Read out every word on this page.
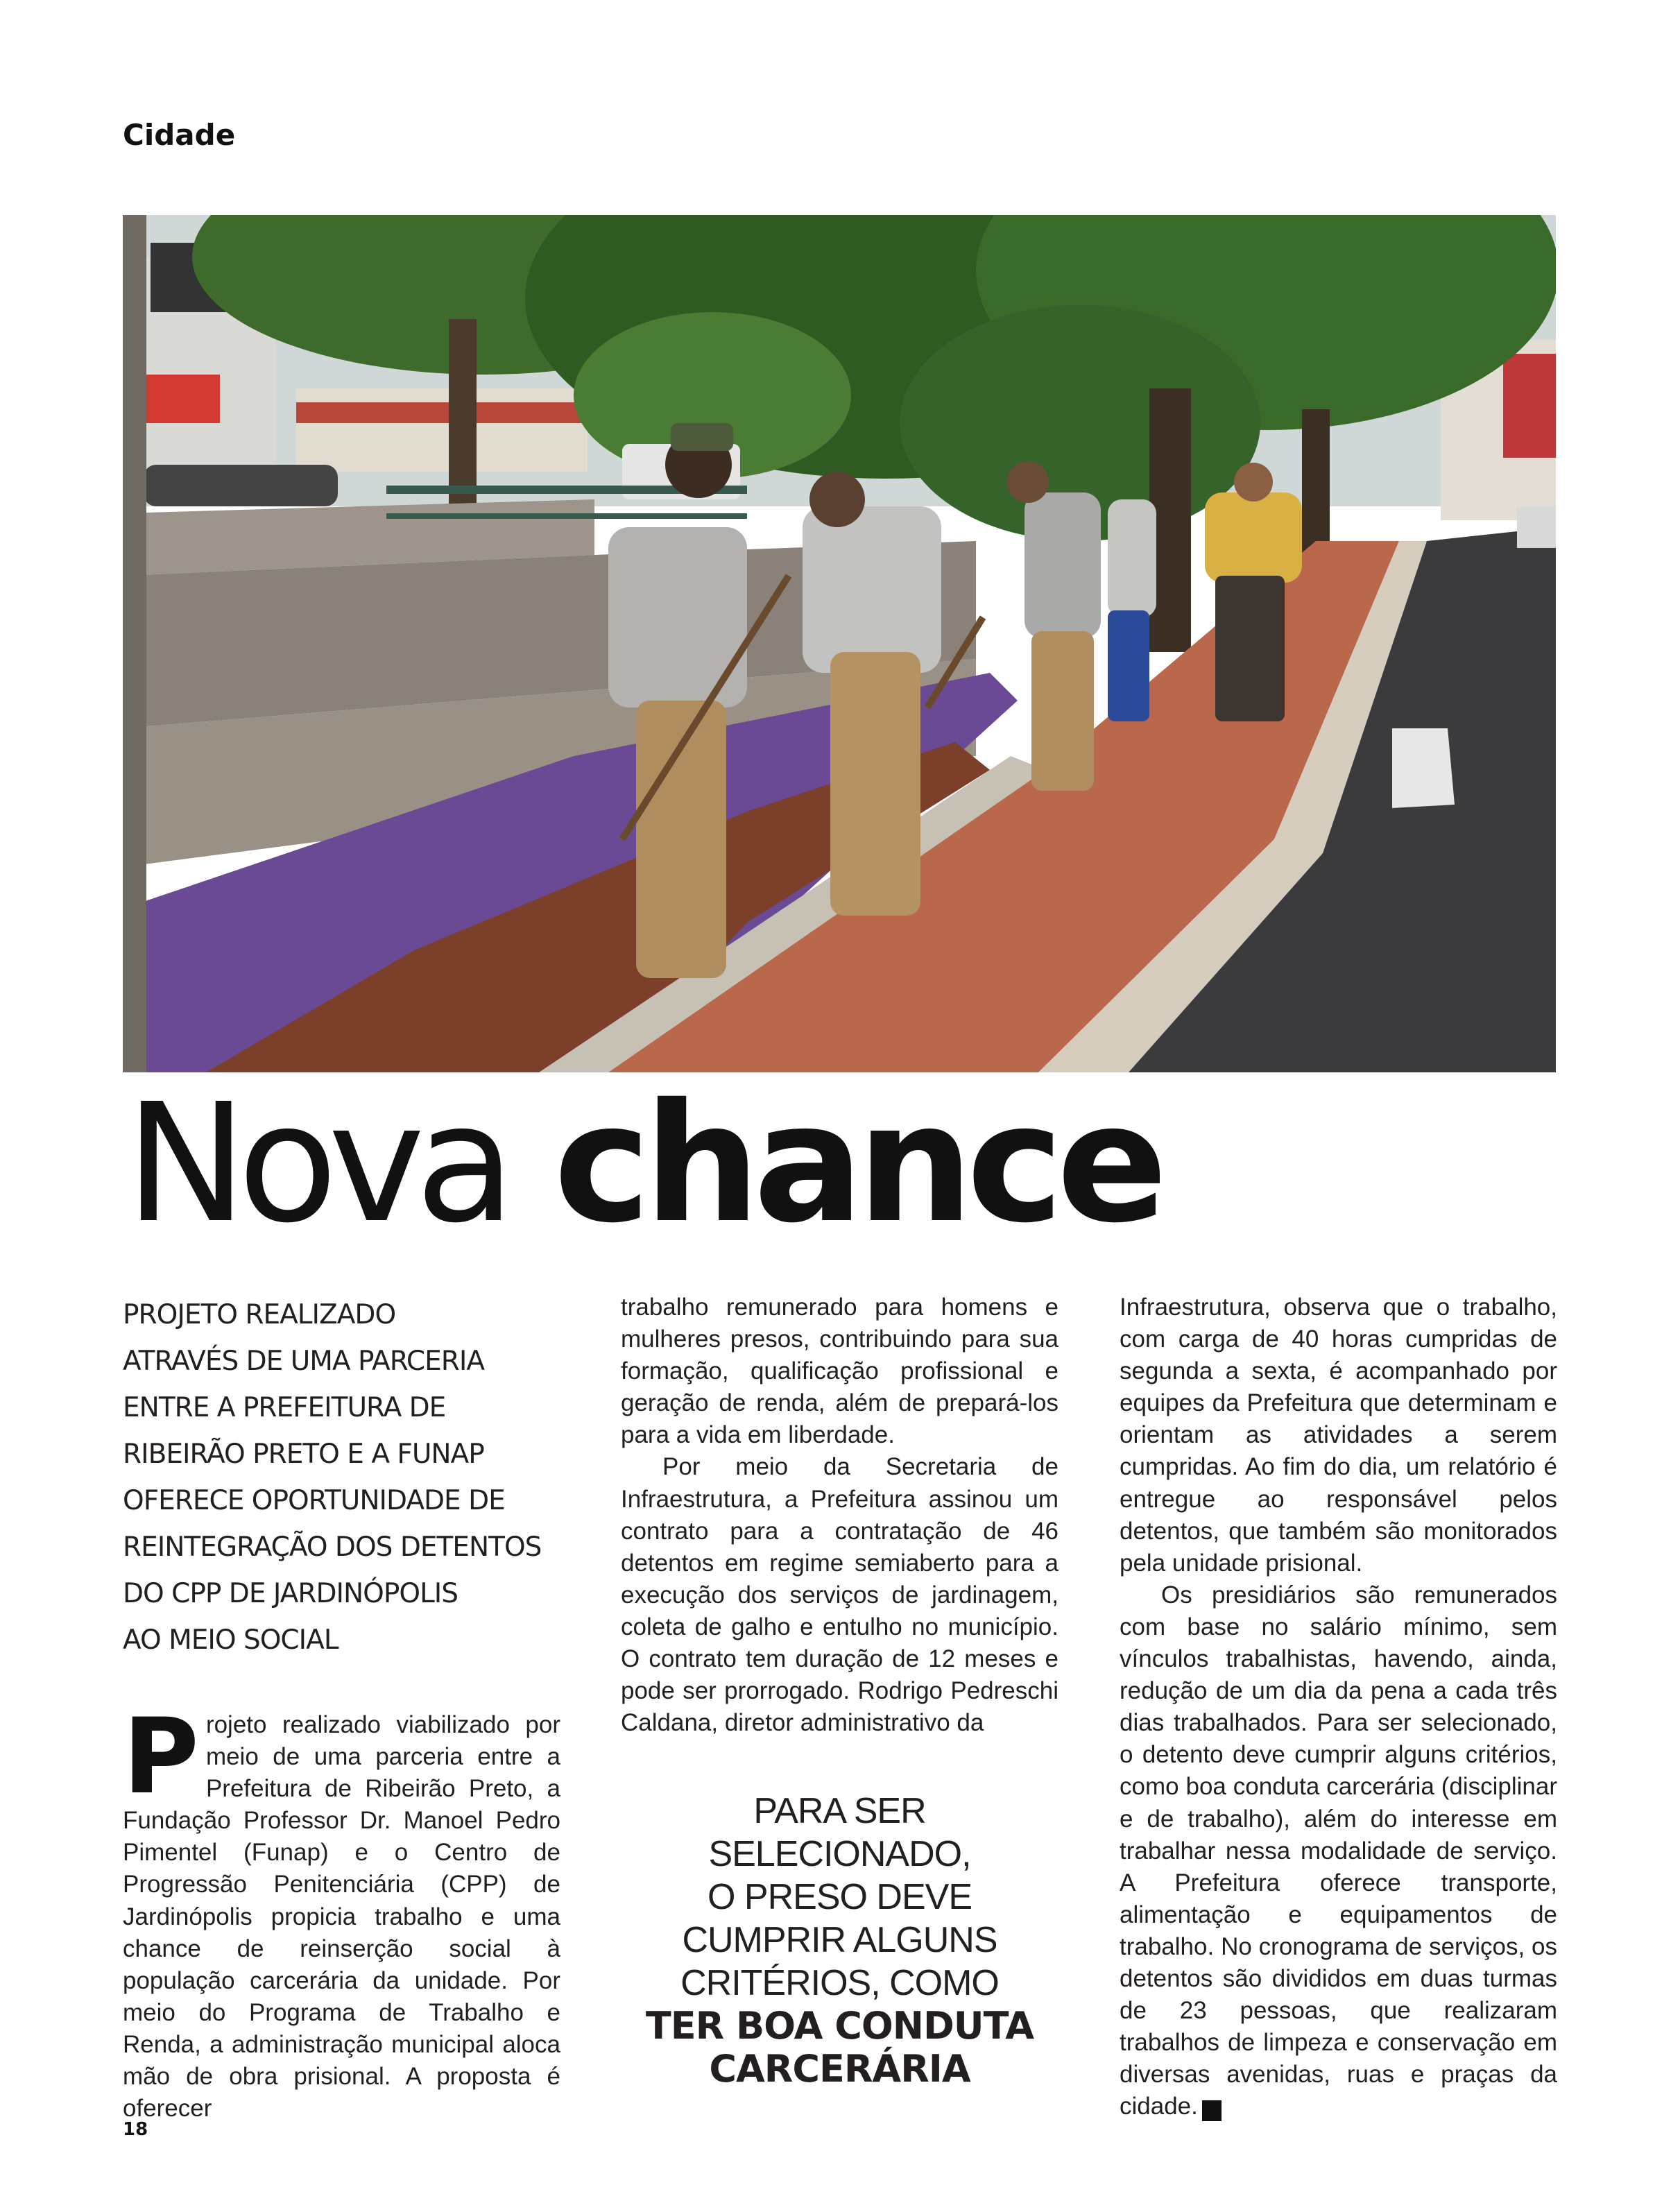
Cidade
Nova chance
PROJETO REALIZADO
ATRAVÉS DE UMA PARCERIA
ENTRE A PREFEITURA DE
RIBEIRÃO PRETO E A FUNAP
OFERECE OPORTUNIDADE DE
REINTEGRAÇÃO DOS DETENTOS
DO CPP DE JARDINÓPOLIS
AO MEIO SOCIAL
P rojeto realizado viabilizado por meio de uma parceria entre a Prefeitura de Ribeirão Preto, a Fundação Professor Dr. Manoel Pedro Pimentel (Funap) e o Centro de Progressão Penitenciária (CPP) de Jardinópolis propicia trabalho e uma chance de reinserção social à população carcerária da unidade. Por meio do Programa de Trabalho e Renda, a administração municipal aloca mão de obra prisional. A proposta é oferecer

trabalho remunerado para homens e mulheres presos, contribuindo para sua formação, qualificação profissional e geração de renda, além de prepará-los para a vida em liberdade.

Por meio da Secretaria de Infraestrutura, a Prefeitura assinou um contrato para a contratação de 46 detentos em regime semiaberto para a execução dos serviços de jardinagem, coleta de galho e entulho no município. O contrato tem duração de 12 meses e pode ser prorrogado. Rodrigo Pedreschi Caldana, diretor administrativo da

PARA SER
SELECIONADO,
O PRESO DEVE
CUMPRIR ALGUNS
CRITÉRIOS, COMO
TER BOA CONDUTA
CARCERÁRIA

Infraestrutura, observa que o trabalho, com carga de 40 horas cumpridas de segunda a sexta, é acompanhado por equipes da Prefeitura que determinam e orientam as atividades a serem cumpridas. Ao fim do dia, um relatório é entregue ao responsável pelos detentos, que também são monitorados pela unidade prisional.

Os presidiários são remunerados com base no salário mínimo, sem vínculos trabalhistas, havendo, ainda, redução de um dia da pena a cada três dias trabalhados. Para ser selecionado, o detento deve cumprir alguns critérios, como boa conduta carcerária (disciplinar e de trabalho), além do interesse em trabalhar nessa modalidade de serviço. A Prefeitura oferece transporte, alimentação e equipamentos de trabalho. No cronograma de serviços, os detentos são divididos em duas turmas de 23 pessoas, que realizaram trabalhos de limpeza e conservação em diversas avenidas, ruas e praças da cidade.	r

18
